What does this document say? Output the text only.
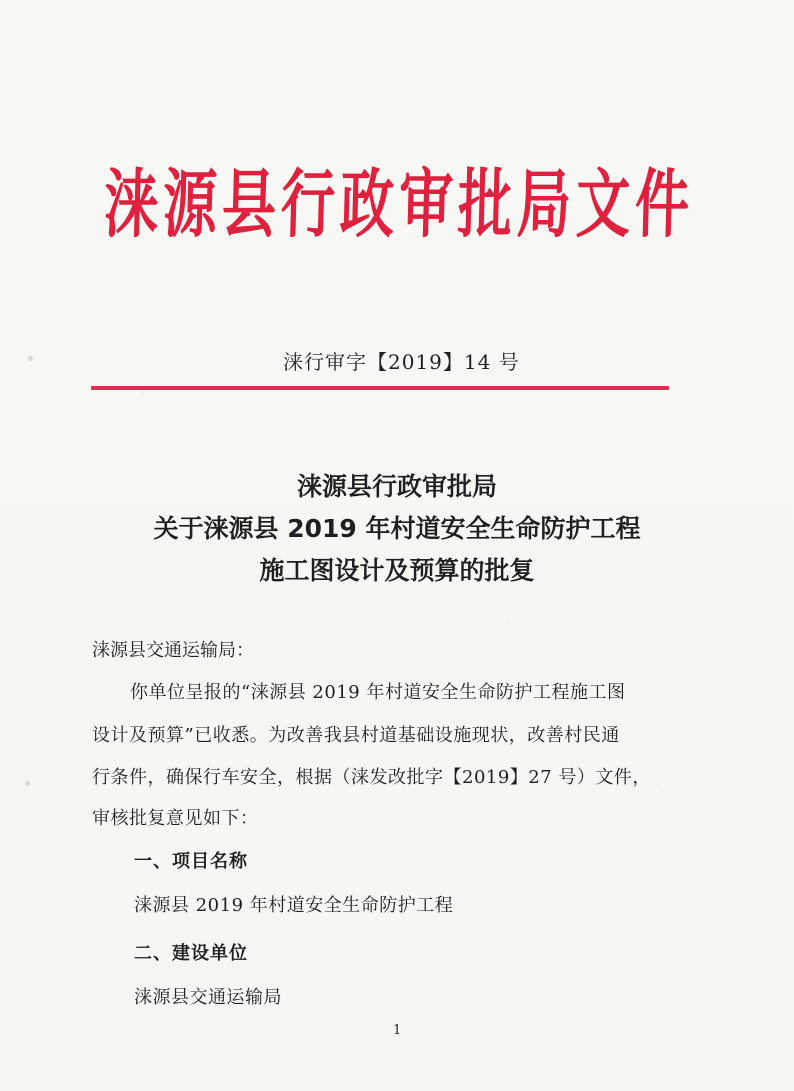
涞源县行政审批局文件
涞行审字【2019】14 号
涞源县行政审批局
关于涞源县 2019 年村道安全生命防护工程
施工图设计及预算的批复
涞源县交通运输局：
你单位呈报的“涞源县 2019 年村道安全生命防护工程施工图
设计及预算”已收悉。为改善我县村道基础设施现状，改善村民通
行条件，确保行车安全，根据（涞发改批字【2019】27 号）文件，
审核批复意见如下：
一、项目名称
涞源县 2019 年村道安全生命防护工程
二、建设单位
涞源县交通运输局
1
